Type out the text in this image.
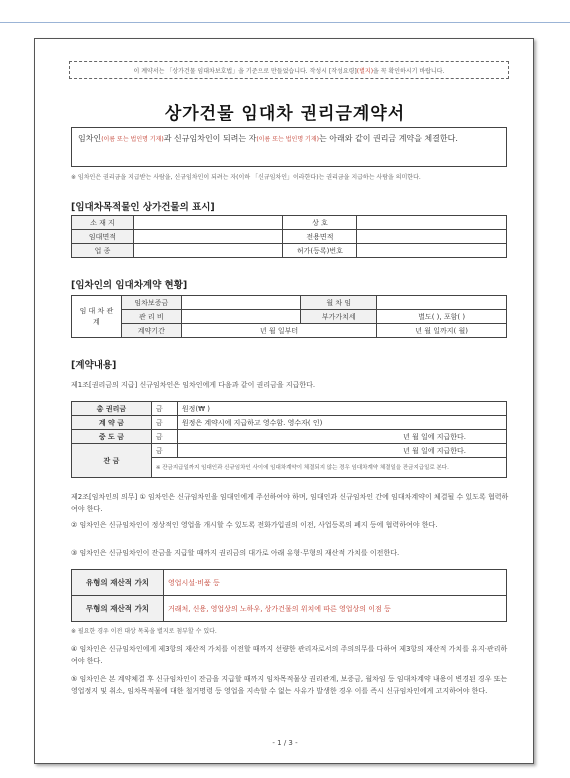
이 계약서는 「상가건물 임대차보호법」을 기준으로 만들었습니다. 작성시 [작성요령] (별지) 을 꼭 확인하시기 바랍니다.
상가건물 임대차 권리금계약서
임차인(이름 또는 법인명 기재)과 신규임차인이 되려는 자(이름 또는 법인명 기재)는 아래와 같이 권리금 계약을 체결한다.
※ 임차인은 권리금을 지급받는 사람을, 신규임차인이 되려는 자(이하 「신규임차인」이라한다)는 권리금을 지급하는 사람을 의미한다.
[임대차목적물인 상가건물의 표시]
소 재 지		상 호	
임대면적		전용면적	
업 종		허가(등록)번호	
[임차인의 임대차계약 현황]
임 대 차 관 계	임차보증금		월 차 임	
	관 리 비		부가가치세	별도( ), 포함( )
	계약기간	년 월 일부터		년 월 일까지( 월)
[계약내용]
제1조[권리금의 지급] 신규임차인은 임차인에게 다음과 같이 권리금을 지급한다.
총 권리금	금	원정(₩ )
계 약 금	금	원정은 계약시에 지급하고 영수함. 영수자( 인)
중 도 금	금	년 월 일에 지급한다.
잔 금	금	년 월 일에 지급한다.
	※ 잔금지급일까지 임대인과 신규임차인 사이에 임대차계약이 체결되지 않는 경우 임대차계약 체결일을 잔금지급일로 본다.	
제2조[임차인의 의무] ① 임차인은 신규임차인을 임대인에게 주선하여야 하며, 임대인과 신규임차인 간에 임대차계약이 체결될 수 있도록 협력하여야 한다.
② 임차인은 신규임차인이 정상적인 영업을 개시할 수 있도록 전화가입권의 이전, 사업등록의 폐지 등에 협력하여야 한다.
③ 임차인은 신규임차인이 잔금을 지급할 때까지 권리금의 대가로 아래 유형·무형의 재산적 가치를 이전한다.
유형의 재산적 가치	영업시설·비품 등
무형의 재산적 가치	거래처, 신용, 영업상의 노하우, 상가건물의 위치에 따른 영업상의 이점 등
※ 필요한 경우 이전 대상 목록을 별지로 첨부할 수 있다.
④ 임차인은 신규임차인에게 제3항의 재산적 가치를 이전할 때까지 선량한 관리자로서의 주의의무를 다하여 제3항의 재산적 가치를 유지·관리하여야 한다.
⑤ 임차인은 본 계약체결 후 신규임차인이 잔금을 지급할 때까지 임차목적물상 권리관계, 보증금, 월차임 등 임대차계약 내용이 변경된 경우 또는 영업정지 및 취소, 임차목적물에 대한 철거명령 등 영업을 지속할 수 없는 사유가 발생한 경우 이를 즉시 신규임차인에게 고지하여야 한다.
- 1 / 3 -
